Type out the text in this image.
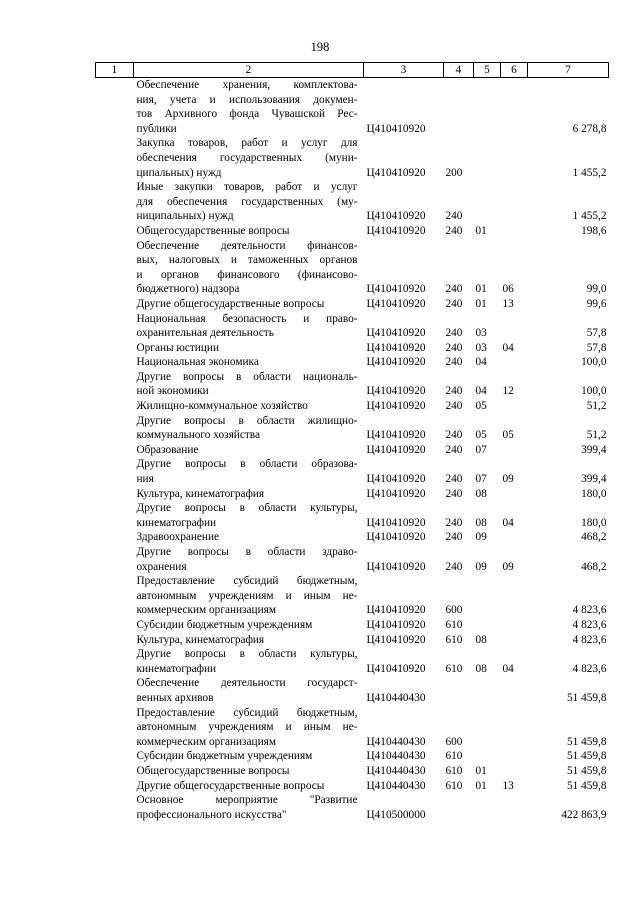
198
1	2	3	4	5	6	7

	Обеспечение хранения, комплектова-
ния, учета и использования докумен-
тов Архивного фонда Чувашской Рес-
публики	Ц410410920				6 278,8

	Закупка товаров, работ и услуг для
обеспечения государственных (муни-
ципальных) нужд	Ц410410920	200			1 455,2

	Иные закупки товаров, работ и услуг
для обеспечения государственных (му-
ниципальных) нужд	Ц410410920	240			1 455,2

	Общегосударственные вопросы	Ц410410920	240	01		198,6

	Обеспечение деятельности финансов-
вых, налоговых и таможенных органов
и органов финансового (финансово-
бюджетного) надзора	Ц410410920	240	01	06	99,0

	Другие общегосударственные вопросы	Ц410410920	240	01	13	99,6

	Национальная безопасность и право-
охранительная деятельность	Ц410410920	240	03		57,8

	Органы юстиции	Ц410410920	240	03	04	57,8

	Национальная экономика	Ц410410920	240	04		100,0

	Другие вопросы в области националь-
ной экономики	Ц410410920	240	04	12	100,0

	Жилищно-коммунальное хозяйство	Ц410410920	240	05		51,2

	Другие вопросы в области жилищно-
коммунального хозяйства	Ц410410920	240	05	05	51,2

	Образование	Ц410410920	240	07		399,4

	Другие вопросы в области образова-
ния	Ц410410920	240	07	09	399,4

	Культура, кинематография	Ц410410920	240	08		180,0

	Другие вопросы в области культуры,
кинематографии	Ц410410920	240	08	04	180,0

	Здравоохранение	Ц410410920	240	09		468,2

	Другие вопросы в области здраво-
охранения	Ц410410920	240	09	09	468,2

	Предоставление субсидий бюджетным,
автономным учреждениям и иным не-
коммерческим организациям	Ц410410920	600			4 823,6

	Субсидии бюджетным учреждениям	Ц410410920	610			4 823,6

	Культура, кинематография	Ц410410920	610	08		4 823,6

	Другие вопросы в области культуры,
кинематографии	Ц410410920	610	08	04	4 823,6

	Обеспечение деятельности государст-
венных архивов	Ц410440430				51 459,8

	Предоставление субсидий бюджетным,
автономным учреждениям и иным не-
коммерческим организациям	Ц410440430	600			51 459,8

	Субсидии бюджетным учреждениям	Ц410440430	610			51 459,8

	Общегосударственные вопросы	Ц410440430	610	01		51 459,8

	Другие общегосударственные вопросы	Ц410440430	610	01	13	51 459,8

	Основное мероприятие "Развитие
профессионального искусства"	Ц410500000				422 863,9
